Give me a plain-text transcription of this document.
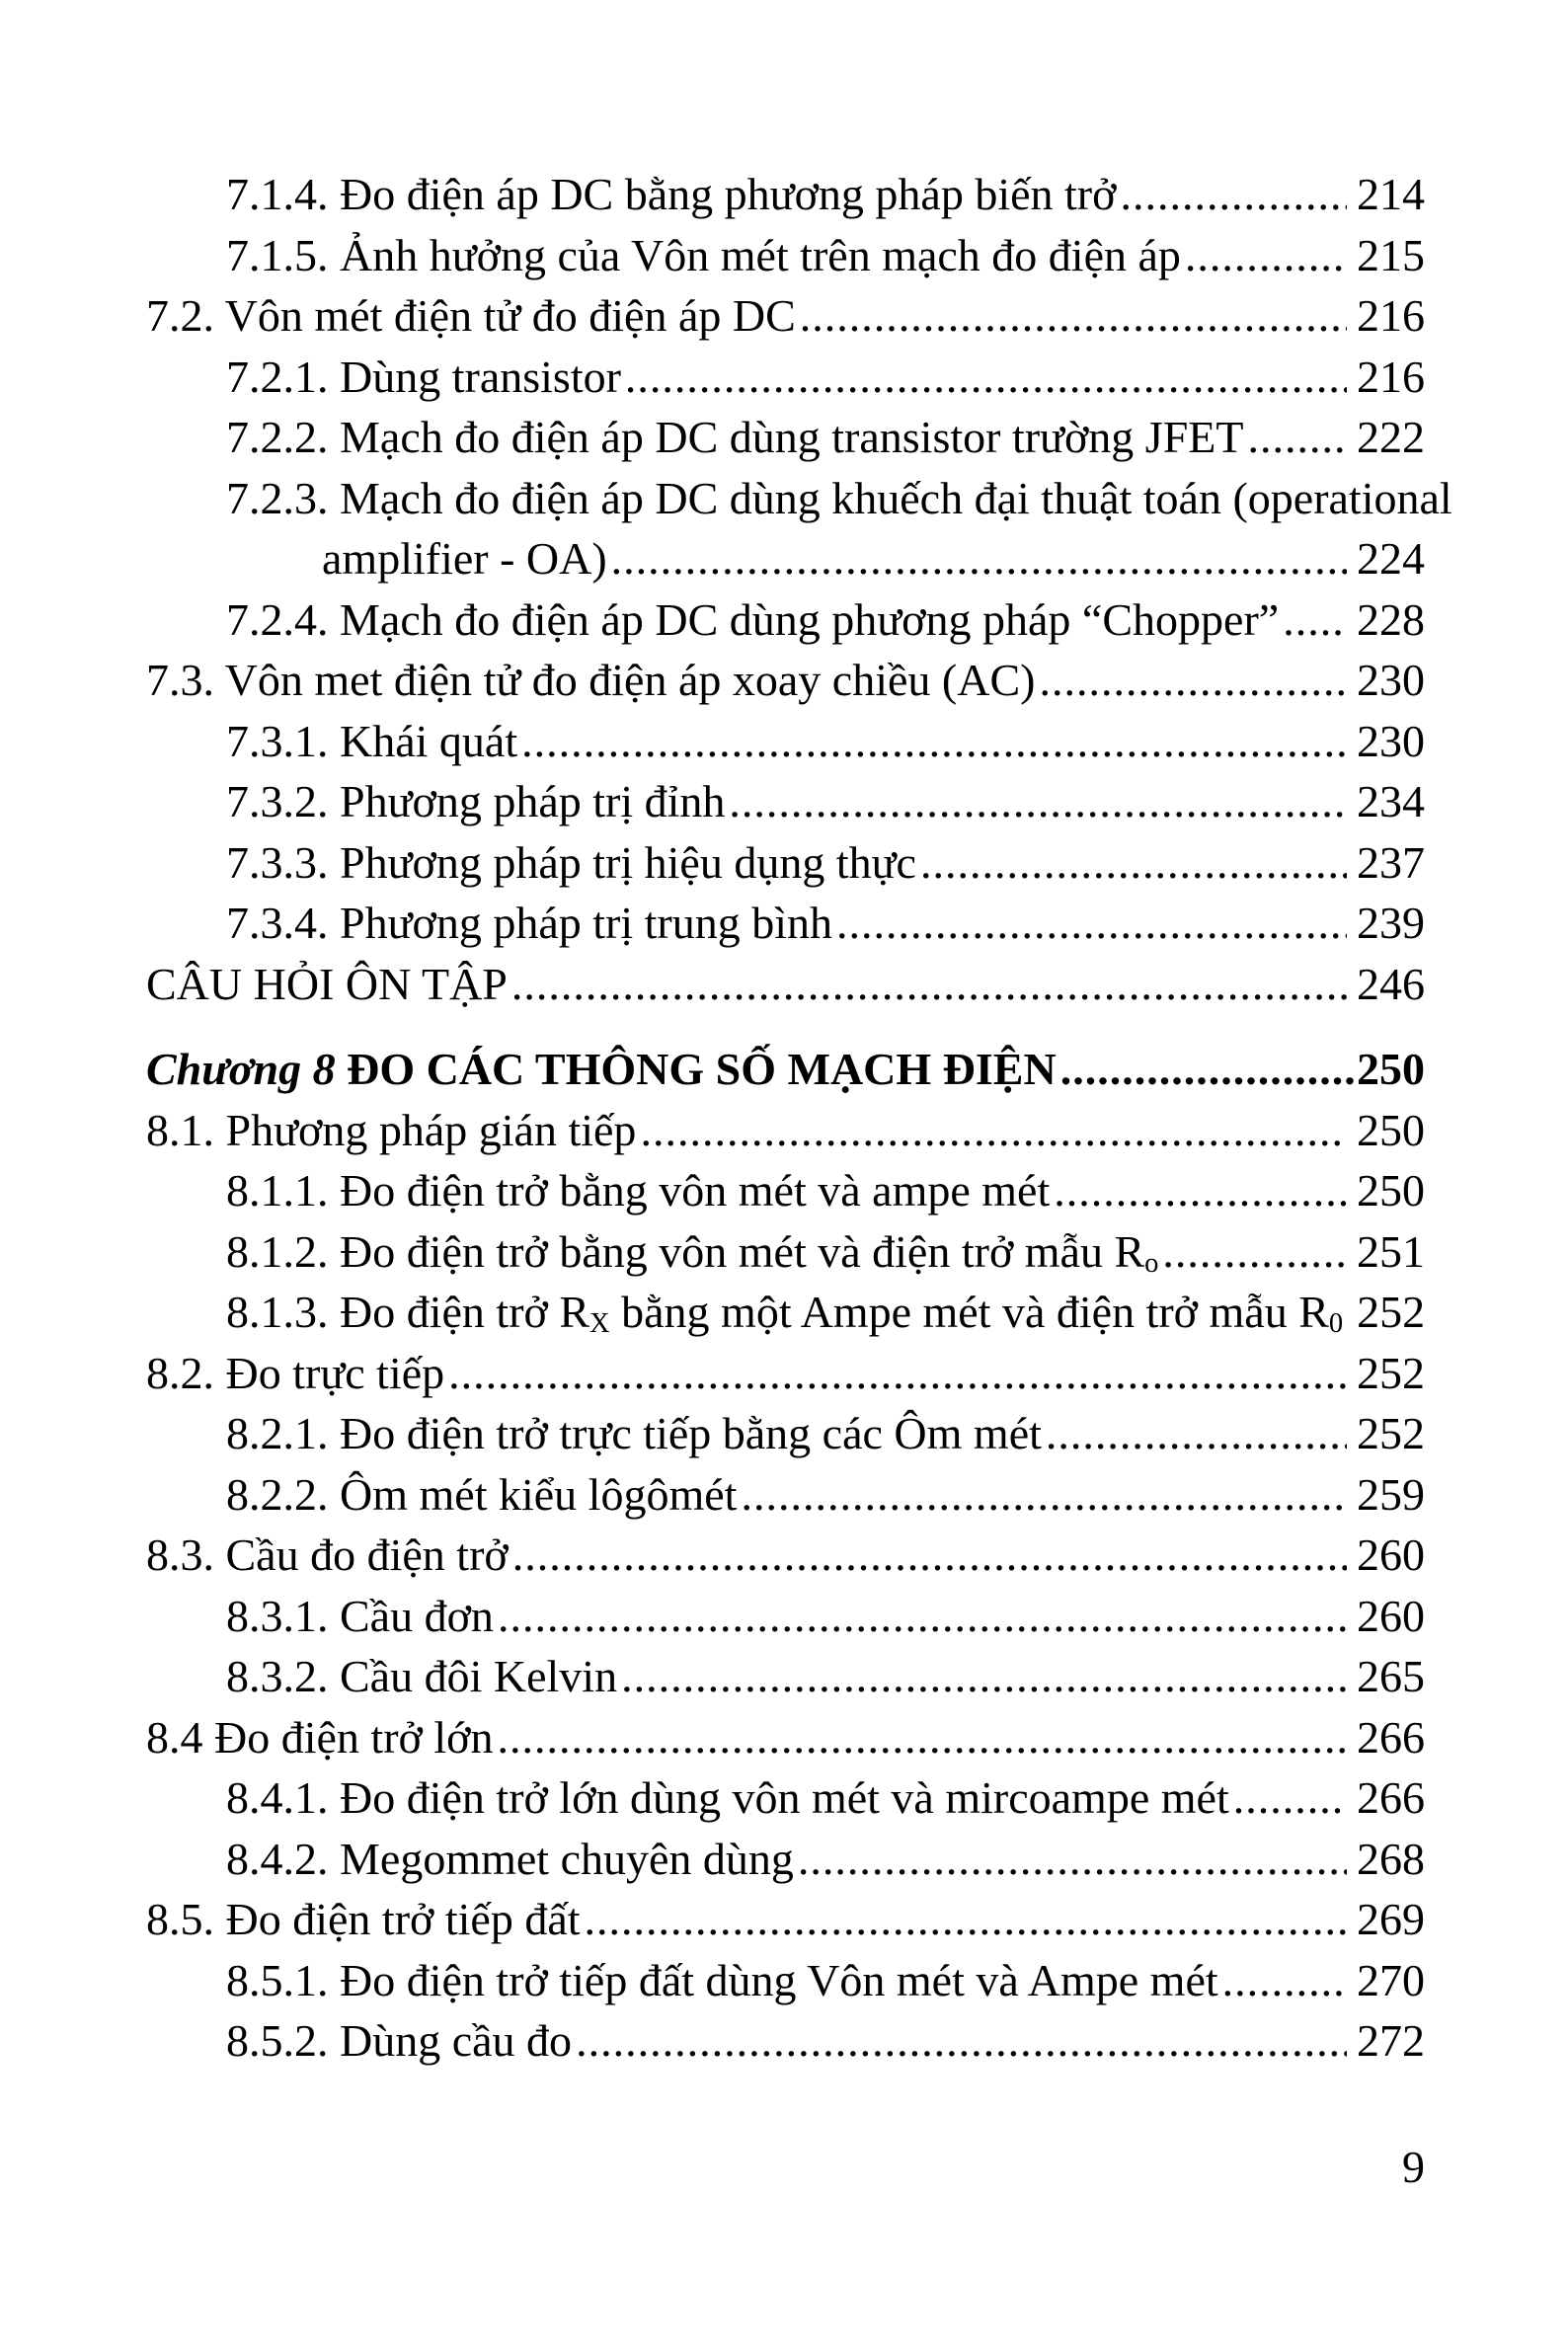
7.1.4. Đo điện áp DC bằng phương pháp biến trở .....	214
7.1.5. Ảnh hưởng của Vôn mét trên mạch đo điện áp .....	215
7.2. Vôn mét điện tử đo điện áp DC .....	216
7.2.1. Dùng transistor .....	216
7.2.2. Mạch đo điện áp DC dùng transistor trường JFET ..... 222
7.2.3. Mạch đo điện áp DC dùng khuếch đại thuật toán (operational
amplifier - OA) .....	224
7.2.4. Mạch đo điện áp DC dùng phương pháp “Chopper” ..... 228
7.3. Vôn met điện tử đo điện áp xoay chiều (AC) .....	230
7.3.1. Khái quát .....	230
7.3.2. Phương pháp trị đỉnh .....	234
7.3.3. Phương pháp trị hiệu dụng thực .....	237
7.3.4. Phương pháp trị trung bình .....	239
CÂU HỎI ÔN TẬP .....	246
Chương 8 ĐO CÁC THÔNG SỐ MẠCH ĐIỆN .....	250
8.1. Phương pháp gián tiếp .....	250
8.1.1. Đo điện trở bằng vôn mét và ampe mét .....	250
8.1.2. Đo điện trở bằng vôn mét và điện trở mẫu Ro .....	251
8.1.3. Đo điện trở RX bằng một Ampe mét và điện trở mẫu R0 252
8.2. Đo trực tiếp .....	252
8.2.1. Đo điện trở trực tiếp bằng các Ôm mét .....	252
8.2.2. Ôm mét kiểu lôgômét .....	259
8.3. Cầu đo điện trở .....	260
8.3.1. Cầu đơn .....	260
8.3.2. Cầu đôi Kelvin .....	265
8.4 Đo điện trở lớn .....	266
8.4.1. Đo điện trở lớn dùng vôn mét và mircoampe mét .....	266
8.4.2. Megommet chuyên dùng .....	268
8.5. Đo điện trở tiếp đất .....	269
8.5.1. Đo điện trở tiếp đất dùng Vôn mét và Ampe mét .....	270
8.5.2. Dùng cầu đo .....	272
9
